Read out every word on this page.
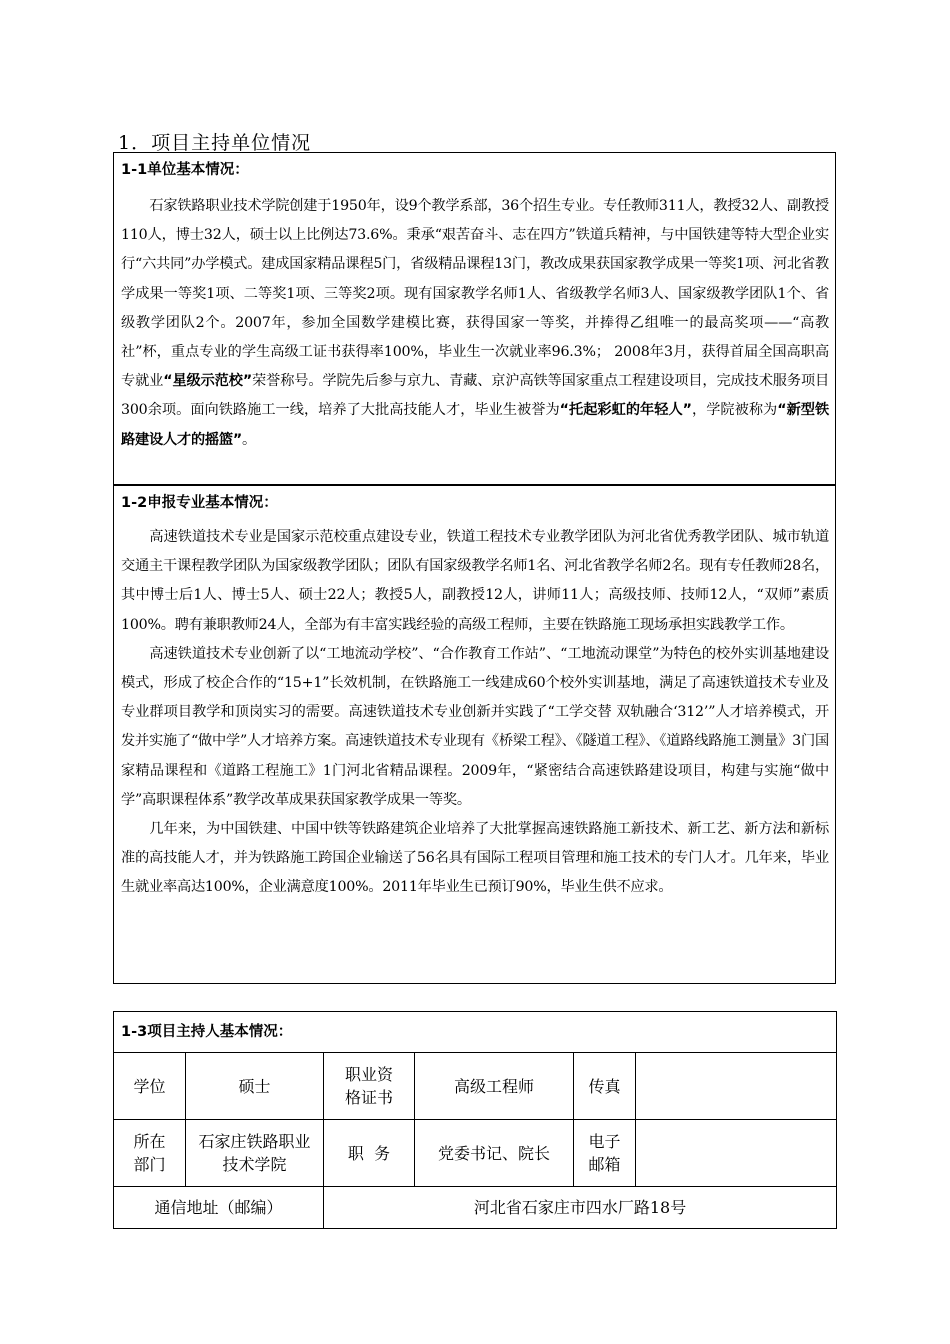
1．项目主持单位情况
1-1单位基本情况：

石家铁路职业技术学院创建于1950年，设9个教学系部，36个招生专业。专任教师311人，教授32人、副教授110人，博士32人，硕士以上比例达73.6%。秉承“艰苦奋斗、志在四方”铁道兵精神，与中国铁建等特大型企业实行“六共同”办学模式。建成国家精品课程5门，省级精品课程13门，教改成果获国家教学成果一等奖1项、河北省教学成果一等奖1项、二等奖1项、三等奖2项。现有国家教学名师1人、省级教学名师3人、国家级教学团队1个、省级教学团队2个。2007年，参加全国数学建模比赛，获得国家一等奖，并捧得乙组唯一的最高奖项——“高教社”杯，重点专业的学生高级工证书获得率100%，毕业生一次就业率96.3%； 2008年3月，获得首届全国高职高专就业“星级示范校”荣誉称号。学院先后参与京九、青藏、京沪高铁等国家重点工程建设项目，完成技术服务项目300余项。面向铁路施工一线，培养了大批高技能人才，毕业生被誉为“托起彩虹的年轻人”，学院被称为“新型铁路建设人才的摇篮”。

1-2申报专业基本情况：

高速铁道技术专业是国家示范校重点建设专业，铁道工程技术专业教学团队为河北省优秀教学团队、城市轨道交通主干课程教学团队为国家级教学团队；团队有国家级教学名师1名、河北省教学名师2名。现有专任教师28名，其中博士后1人、博士5人、硕士22人；教授5人，副教授12人，讲师11人；高级技师、技师12人，“双师”素质100%。聘有兼职教师24人，全部为有丰富实践经验的高级工程师，主要在铁路施工现场承担实践教学工作。

高速铁道技术专业创新了以“工地流动学校”、“合作教育工作站”、“工地流动课堂”为特色的校外实训基地建设模式，形成了校企合作的“15+1”长效机制，在铁路施工一线建成60个校外实训基地，满足了高速铁道技术专业及专业群项目教学和顶岗实习的需要。高速铁道技术专业创新并实践了“工学交替 双轨融合‘312’”人才培养模式，开发并实施了“做中学”人才培养方案。高速铁道技术专业现有《桥梁工程》、《隧道工程》、《道路线路施工测量》3门国家精品课程和《道路工程施工》1门河北省精品课程。2009年，“紧密结合高速铁路建设项目，构建与实施“做中学”高职课程体系”教学改革成果获国家教学成果一等奖。

几年来，为中国铁建、中国中铁等铁路建筑企业培养了大批掌握高速铁路施工新技术、新工艺、新方法和新标准的高技能人才，并为铁路施工跨国企业输送了56名具有国际工程项目管理和施工技术的专门人才。几年来，毕业生就业率高达100%，企业满意度100%。2011年毕业生已预订90%，毕业生供不应求。

1-3项目主持人基本情况：					
学位	硕士	职业资格证书	高级工程师	传真	

所在部门	石家庄铁路职业技术学院	职  务	党委书记、院长	电子邮箱	

通信地址（邮编）		河北省石家庄市四水厂路18号			
